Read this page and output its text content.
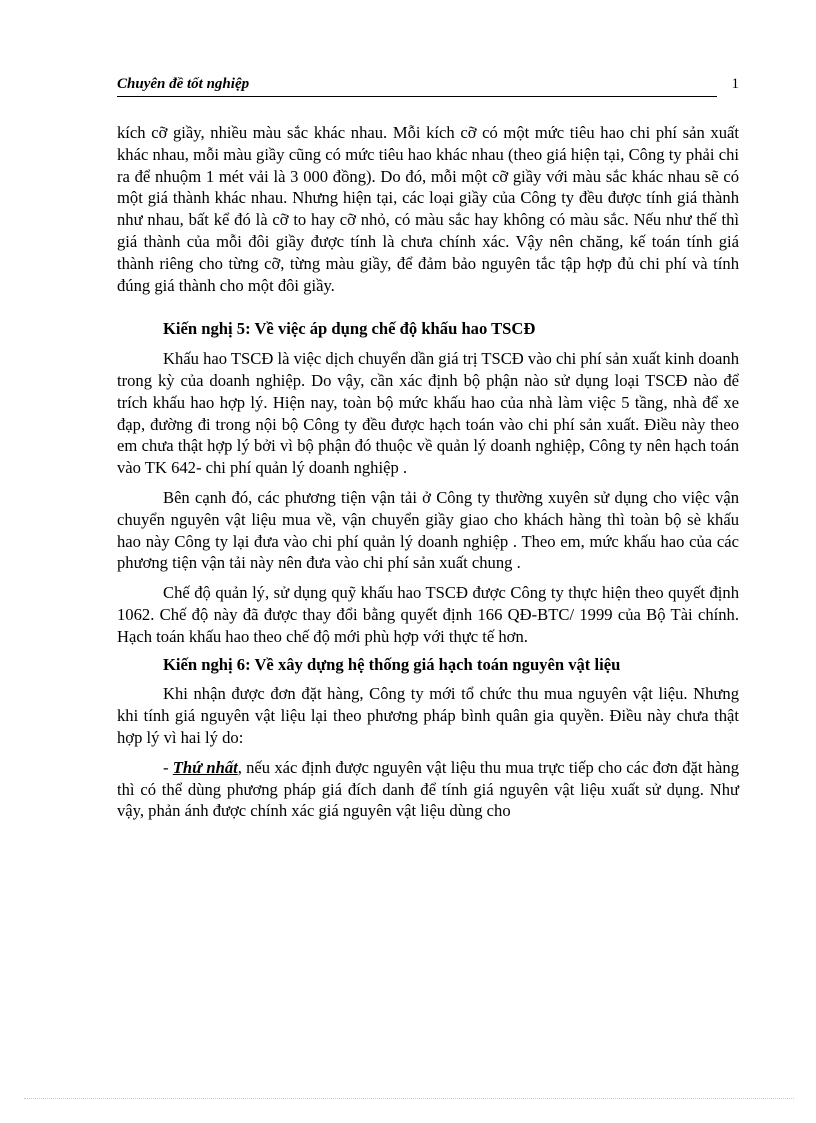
Chuyên đề tốt nghiệp	1

kích cỡ giầy, nhiều màu sắc khác nhau. Mỗi kích cỡ có một mức tiêu hao chi phí sản xuất khác nhau, mỗi màu giầy cũng có mức tiêu hao khác nhau (theo giá hiện tại, Công ty phải chi ra để nhuộm 1 mét vải là 3 000 đồng). Do đó, mỗi một cỡ giầy với màu sắc khác nhau sẽ có một giá thành khác nhau. Nhưng hiện tại, các loại giầy của Công ty đều được tính giá thành như nhau, bất kể đó là cỡ to hay cỡ nhỏ, có màu sắc hay không có màu sắc. Nếu như thế thì giá thành của mỗi đôi giầy được tính là chưa chính xác. Vậy nên chăng, kế toán tính giá thành riêng cho từng cỡ, từng màu giầy, để đảm bảo nguyên tắc tập hợp đủ chi phí và tính đúng giá thành cho một đôi giầy.

Kiến nghị 5: Về việc áp dụng chế độ khấu hao TSCĐ

Khấu hao TSCĐ là việc dịch chuyển dần giá trị TSCĐ vào chi phí sản xuất kinh doanh trong kỳ của doanh nghiệp. Do vậy, cần xác định bộ phận nào sử dụng loại TSCĐ nào để trích khấu hao hợp lý. Hiện nay, toàn bộ mức khấu hao của nhà làm việc 5 tầng, nhà để xe đạp, đường đi trong nội bộ Công ty đều được hạch toán vào chi phí sản xuất. Điều này theo em chưa thật hợp lý bởi vì bộ phận đó thuộc về quản lý doanh nghiệp, Công ty nên hạch toán vào TK 642- chi phí quản lý doanh nghiệp .

Bên cạnh đó, các phương tiện vận tải ở Công ty thường xuyên sử dụng cho việc vận chuyển nguyên vật liệu mua về, vận chuyển giầy giao cho khách hàng thì toàn bộ sè khấu hao này Công ty lại đưa vào chi phí quản lý doanh nghiệp . Theo em, mức khấu hao của các phương tiện vận tải này nên đưa vào chi phí sản xuất chung .

Chế độ quản lý, sử dụng quỹ khấu hao TSCĐ được Công ty thực hiện theo quyết định 1062. Chế độ này đã được thay đổi bằng quyết định 166 QĐ-BTC/ 1999 của Bộ Tài chính. Hạch toán khấu hao theo chế độ mới phù hợp với thực tế hơn.

Kiến nghị 6: Về xây dựng hệ thống giá hạch toán nguyên vật liệu

Khi nhận được đơn đặt hàng, Công ty mới tổ chức thu mua nguyên vật liệu. Nhưng khi tính giá nguyên vật liệu lại theo phương pháp bình quân gia quyền. Điều này chưa thật hợp lý vì hai lý do:

- Thứ nhất, nếu xác định được nguyên vật liệu thu mua trực tiếp cho các đơn đặt hàng thì có thể dùng phương pháp giá đích danh để tính giá nguyên vật liệu xuất sử dụng. Như vậy, phản ánh được chính xác giá nguyên vật liệu dùng cho
